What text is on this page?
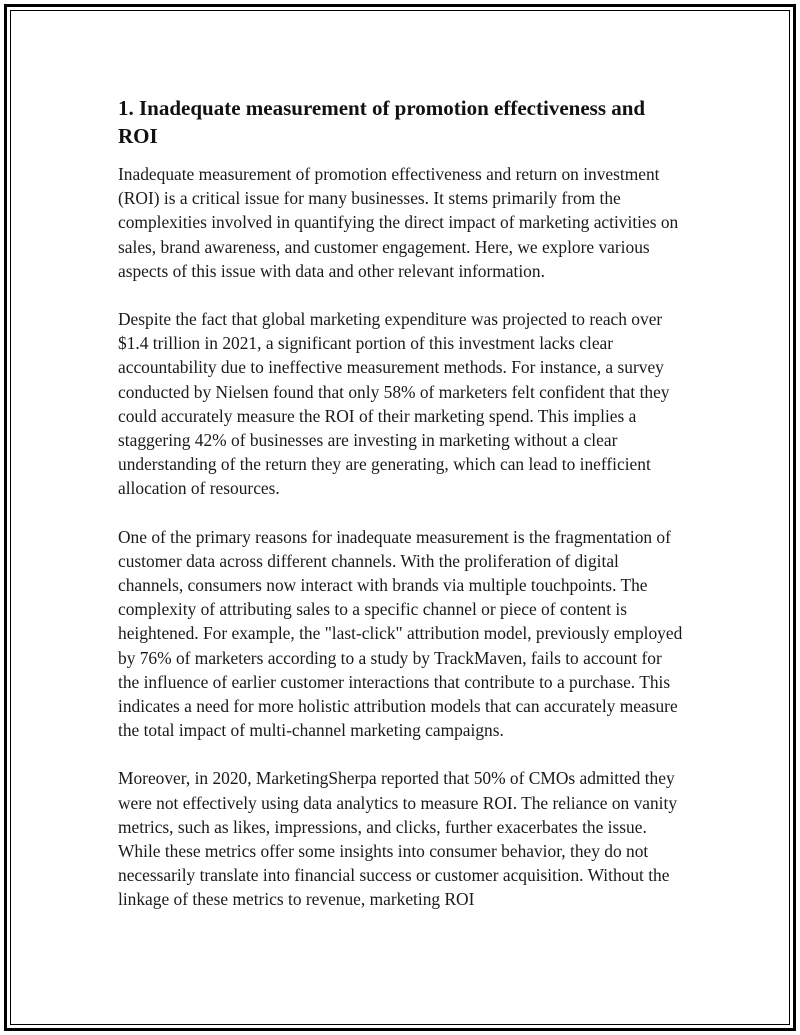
1. Inadequate measurement of promotion effectiveness and ROI

Inadequate measurement of promotion effectiveness and return on investment (ROI) is a critical issue for many businesses. It stems primarily from the complexities involved in quantifying the direct impact of marketing activities on sales, brand awareness, and customer engagement. Here, we explore various aspects of this issue with data and other relevant information.

Despite the fact that global marketing expenditure was projected to reach over $1.4 trillion in 2021, a significant portion of this investment lacks clear accountability due to ineffective measurement methods. For instance, a survey conducted by Nielsen found that only 58% of marketers felt confident that they could accurately measure the ROI of their marketing spend. This implies a staggering 42% of businesses are investing in marketing without a clear understanding of the return they are generating, which can lead to inefficient allocation of resources.

One of the primary reasons for inadequate measurement is the fragmentation of customer data across different channels. With the proliferation of digital channels, consumers now interact with brands via multiple touchpoints. The complexity of attributing sales to a specific channel or piece of content is heightened. For example, the "last-click" attribution model, previously employed by 76% of marketers according to a study by TrackMaven, fails to account for the influence of earlier customer interactions that contribute to a purchase. This indicates a need for more holistic attribution models that can accurately measure the total impact of multi-channel marketing campaigns.

Moreover, in 2020, MarketingSherpa reported that 50% of CMOs admitted they were not effectively using data analytics to measure ROI. The reliance on vanity metrics, such as likes, impressions, and clicks, further exacerbates the issue. While these metrics offer some insights into consumer behavior, they do not necessarily translate into financial success or customer acquisition. Without the linkage of these metrics to revenue, marketing ROI
